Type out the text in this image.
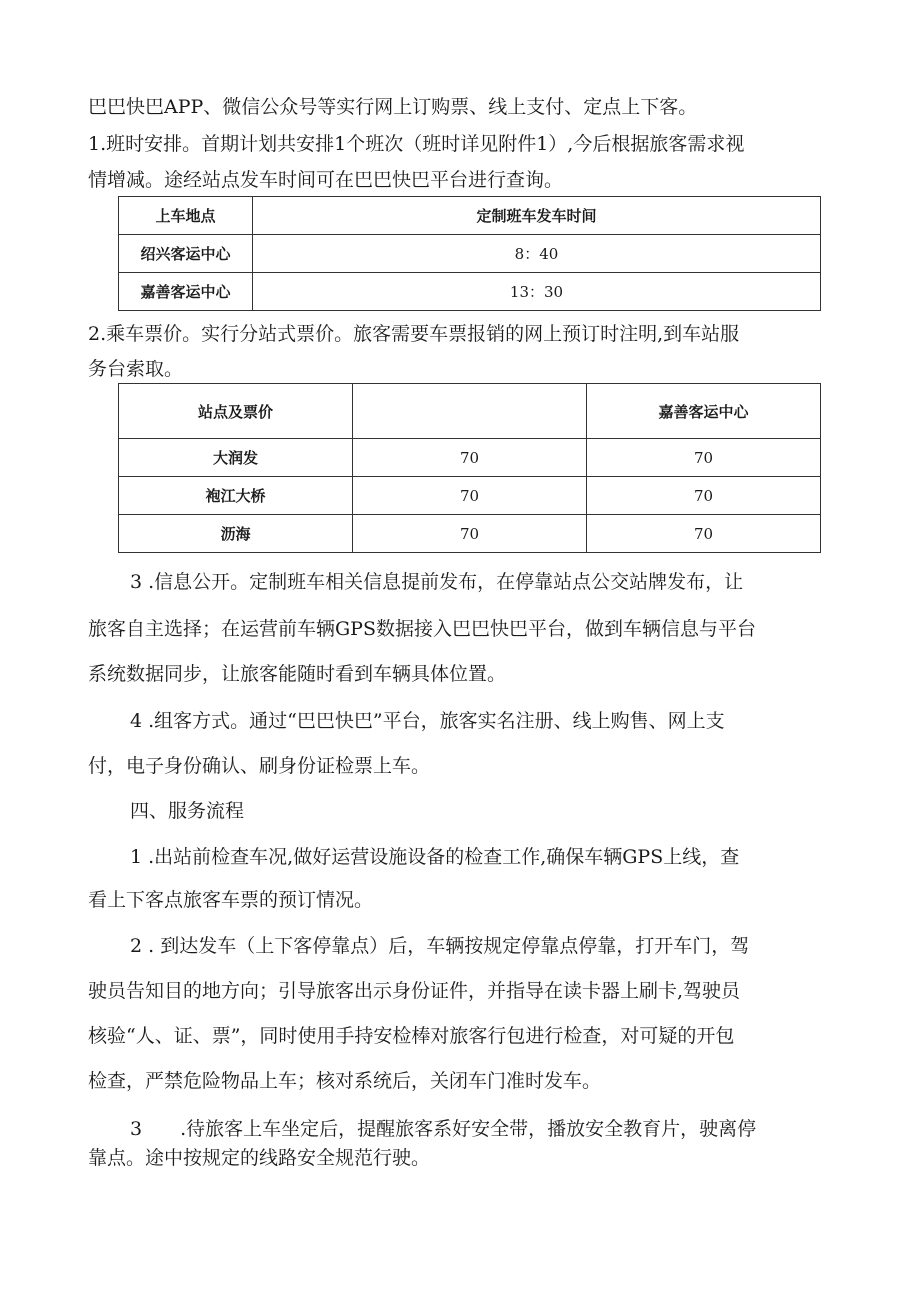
巴巴快巴APP、微信公众号等实行网上订购票、线上支付、定点上下客。
1.班时安排。首期计划共安排1个班次（班时详见附件1）,今后根据旅客需求视
情增减。途经站点发车时间可在巴巴快巴平台进行查询。
上车地点	定制班车发车时间
绍兴客运中心	8：40
嘉善客运中心	13：30
2.乘车票价。实行分站式票价。旅客需要车票报销的网上预订时注明,到车站服
务台索取。
站点及票价		嘉善客运中心
大润发	70	70
袍江大桥	70	70
沥海	70	70
3 .信息公开。定制班车相关信息提前发布，在停靠站点公交站牌发布，让
旅客自主选择；在运营前车辆GPS数据接入巴巴快巴平台，做到车辆信息与平台
系统数据同步，让旅客能随时看到车辆具体位置。
4 .组客方式。通过“巴巴快巴”平台，旅客实名注册、线上购售、网上支
付，电子身份确认、刷身份证检票上车。
四、服务流程
1 .出站前检查车况,做好运营设施设备的检查工作,确保车辆GPS上线，查
看上下客点旅客车票的预订情况。
2 . 到达发车（上下客停靠点）后，车辆按规定停靠点停靠，打开车门，驾
驶员告知目的地方向；引导旅客出示身份证件，并指导在读卡器上刷卡,驾驶员
核验“人、证、票”，同时使用手持安检棒对旅客行包进行检查，对可疑的开包
检查，严禁危险物品上车；核对系统后，关闭车门准时发车。
3　　.待旅客上车坐定后，提醒旅客系好安全带，播放安全教育片，驶离停
靠点。途中按规定的线路安全规范行驶。
